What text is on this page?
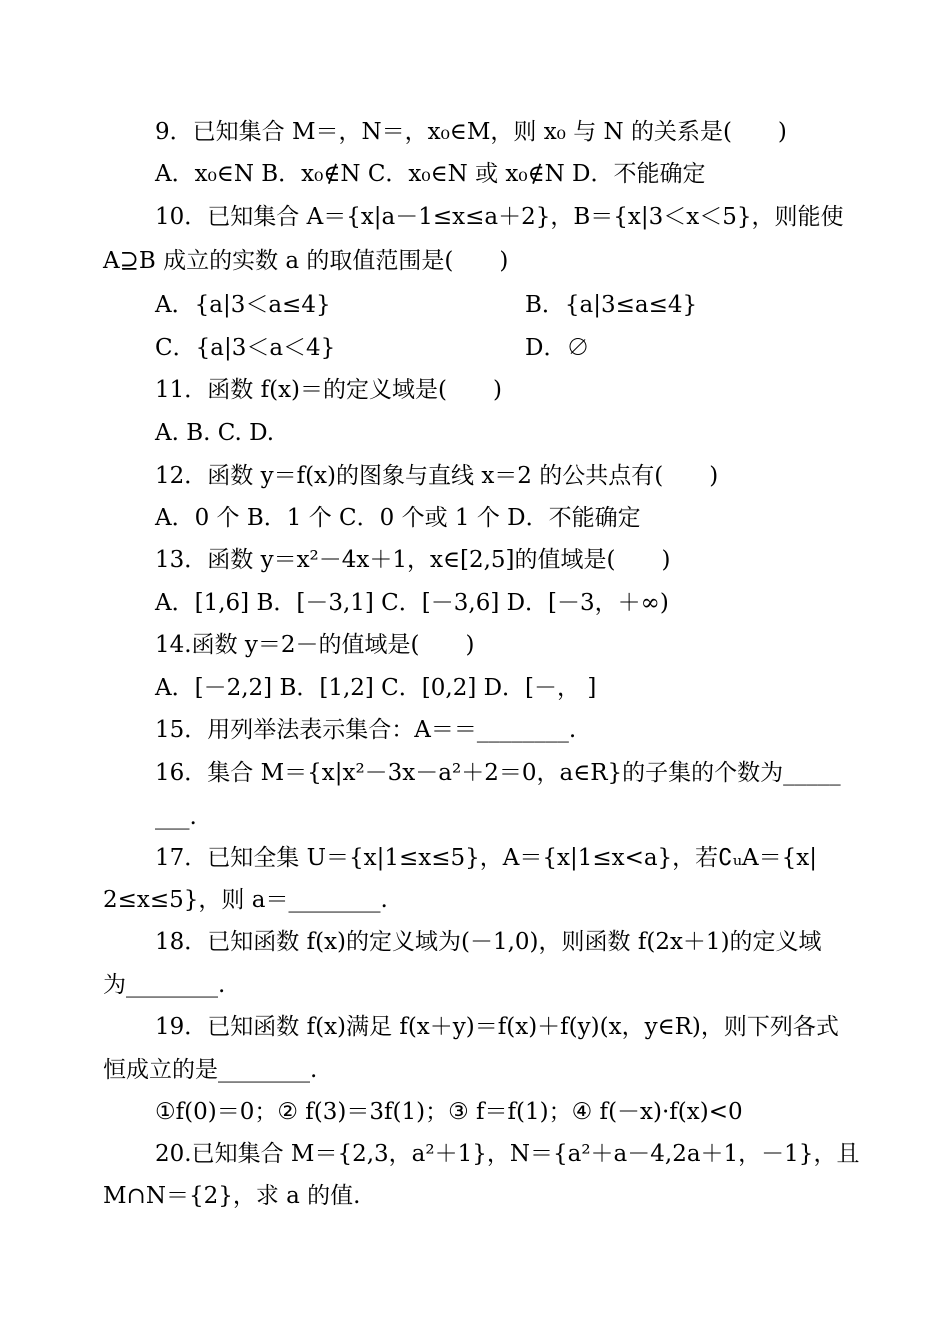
9．已知集合 M＝，N＝，x₀∈M，则 x₀ 与 N 的关系是(　　)
A．x₀∈N B．x₀∉N C．x₀∈N 或 x₀∉N D．不能确定
10．已知集合 A＝{x|a－1≤x≤a＋2}，B＝{x|3＜x＜5}，则能使
A⊇B 成立的实数 a 的取值范围是(　　)
A．{a|3＜a≤4}	B．{a|3≤a≤4}
C．{a|3＜a＜4}	D．∅
11．函数 f(x)＝的定义域是(　　)
A. B. C. D.
12．函数 y＝f(x)的图象与直线 x＝2 的公共点有(　　)
A．0 个 B．1 个 C．0 个或 1 个 D．不能确定
13．函数 y＝x²－4x＋1，x∈[2,5]的值域是(　　)
A．[1,6] B．[－3,1] C．[－3,6] D．[－3，＋∞)
14.函数 y＝2－的值域是(　　)
A．[－2,2] B．[1,2] C．[0,2] D．[－， ]
15．用列举法表示集合：A＝＝________.
16．集合 M＝{x|x²－3x－a²＋2＝0，a∈R}的子集的个数为_____
___.
17．已知全集 U＝{x|1≤x≤5}，A＝{x|1≤x<a}，若∁ᵤA＝{x|
2≤x≤5}，则 a＝________.
18．已知函数 f(x)的定义域为(－1,0)，则函数 f(2x＋1)的定义域
为________.
19．已知函数 f(x)满足 f(x＋y)＝f(x)＋f(y)(x，y∈R)，则下列各式
恒成立的是________.
①f(0)＝0；② f(3)＝3f(1)；③ f＝f(1)；④ f(－x)·f(x)<0
20.已知集合 M＝{2,3，a²＋1}，N＝{a²＋a－4,2a＋1，－1}，且
M∩N＝{2}，求 a 的值.
